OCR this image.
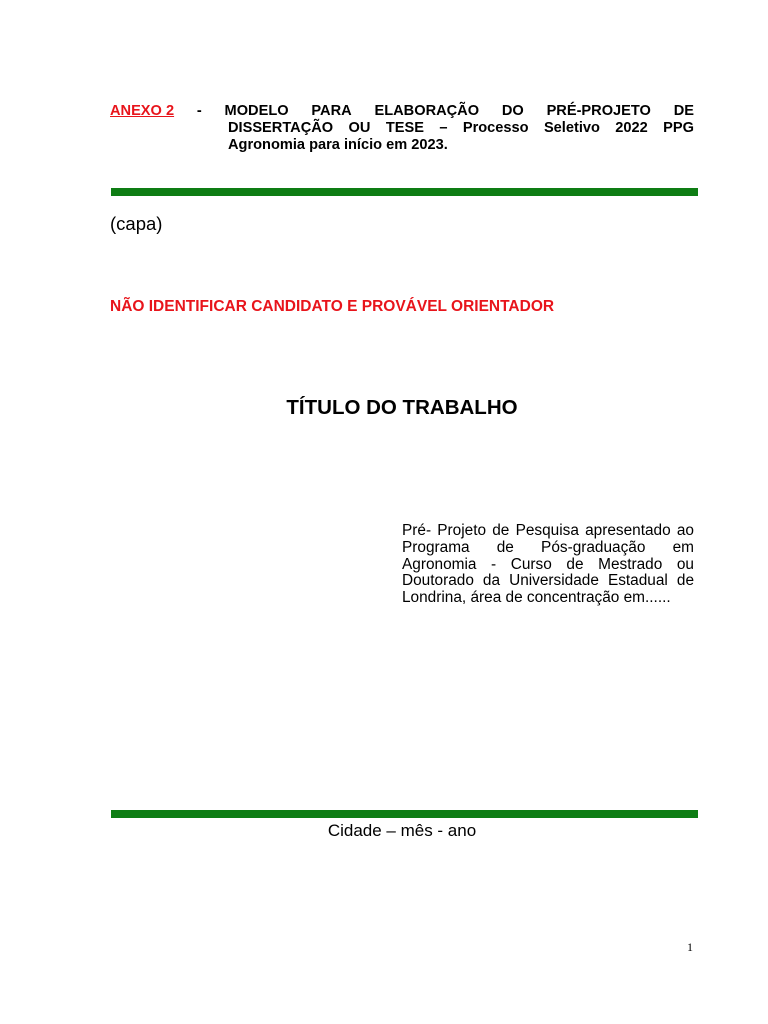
ANEXO 2 - MODELO PARA ELABORAÇÃO DO PRÉ-PROJETO DE
DISSERTAÇÃO OU TESE – Processo Seletivo 2022 PPG
Agronomia para início em 2023.
(capa)
NÃO IDENTIFICAR CANDIDATO E PROVÁVEL ORIENTADOR
TÍTULO DO TRABALHO
Pré- Projeto de Pesquisa apresentado ao Programa de Pós-graduação em Agronomia - Curso de Mestrado ou Doutorado da Universidade Estadual de Londrina, área de concentração em......
Cidade – mês - ano
1
